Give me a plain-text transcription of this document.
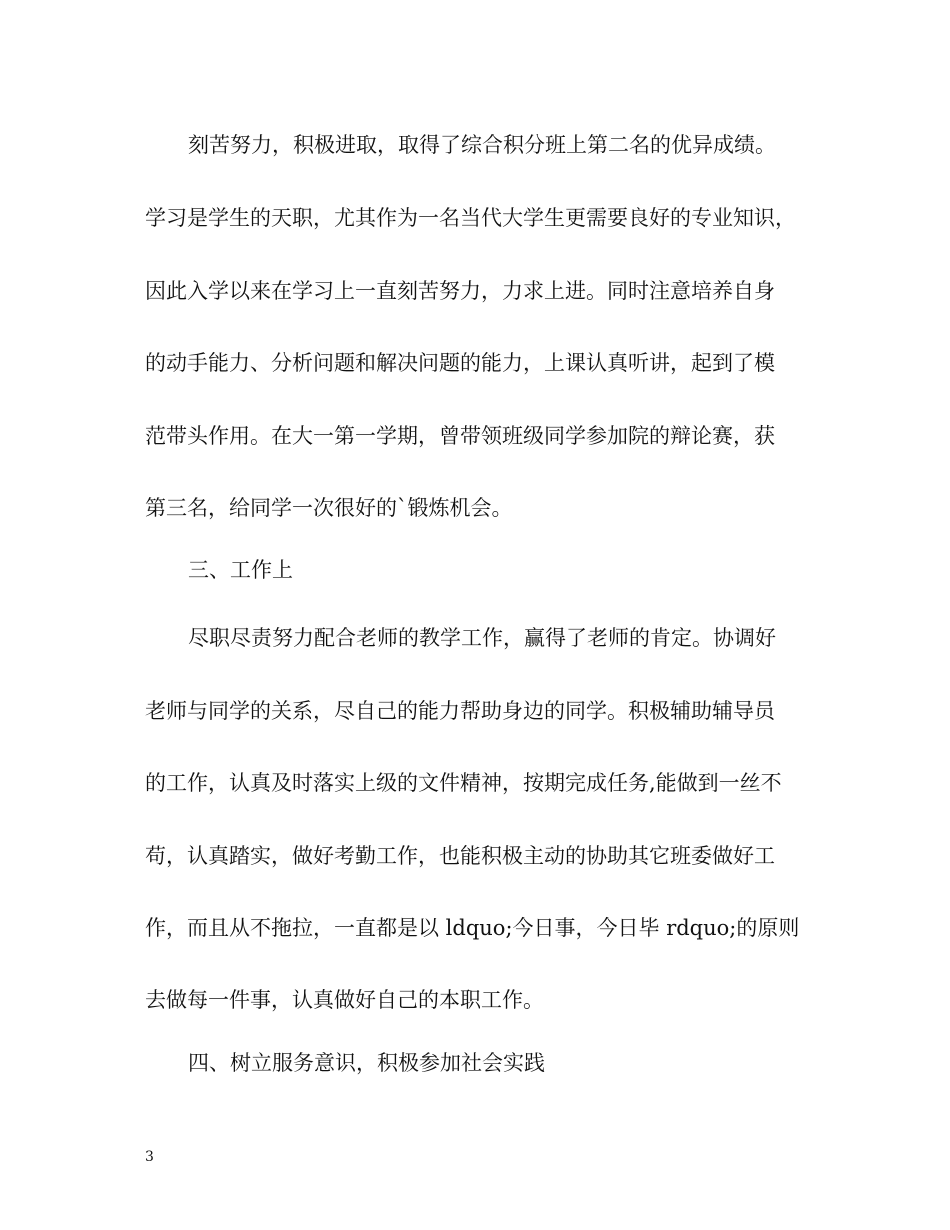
刻苦努力，积极进取，取得了综合积分班上第二名的优异成绩。
学习是学生的天职，尤其作为一名当代大学生更需要良好的专业知识，
因此入学以来在学习上一直刻苦努力，力求上进。同时注意培养自身
的动手能力、分析问题和解决问题的能力，上课认真听讲，起到了模
范带头作用。在大一第一学期，曾带领班级同学参加院的辩论赛，获
第三名，给同学一次很好的`锻炼机会。
三、工作上
尽职尽责努力配合老师的教学工作，赢得了老师的肯定。协调好
老师与同学的关系，尽自己的能力帮助身边的同学。积极辅助辅导员
的工作，认真及时落实上级的文件精神，按期完成任务,能做到一丝不
苟，认真踏实，做好考勤工作，也能积极主动的协助其它班委做好工
作，而且从不拖拉，一直都是以 ldquo;今日事，今日毕 rdquo;的原则
去做每一件事，认真做好自己的本职工作。
四、树立服务意识，积极参加社会实践
3
